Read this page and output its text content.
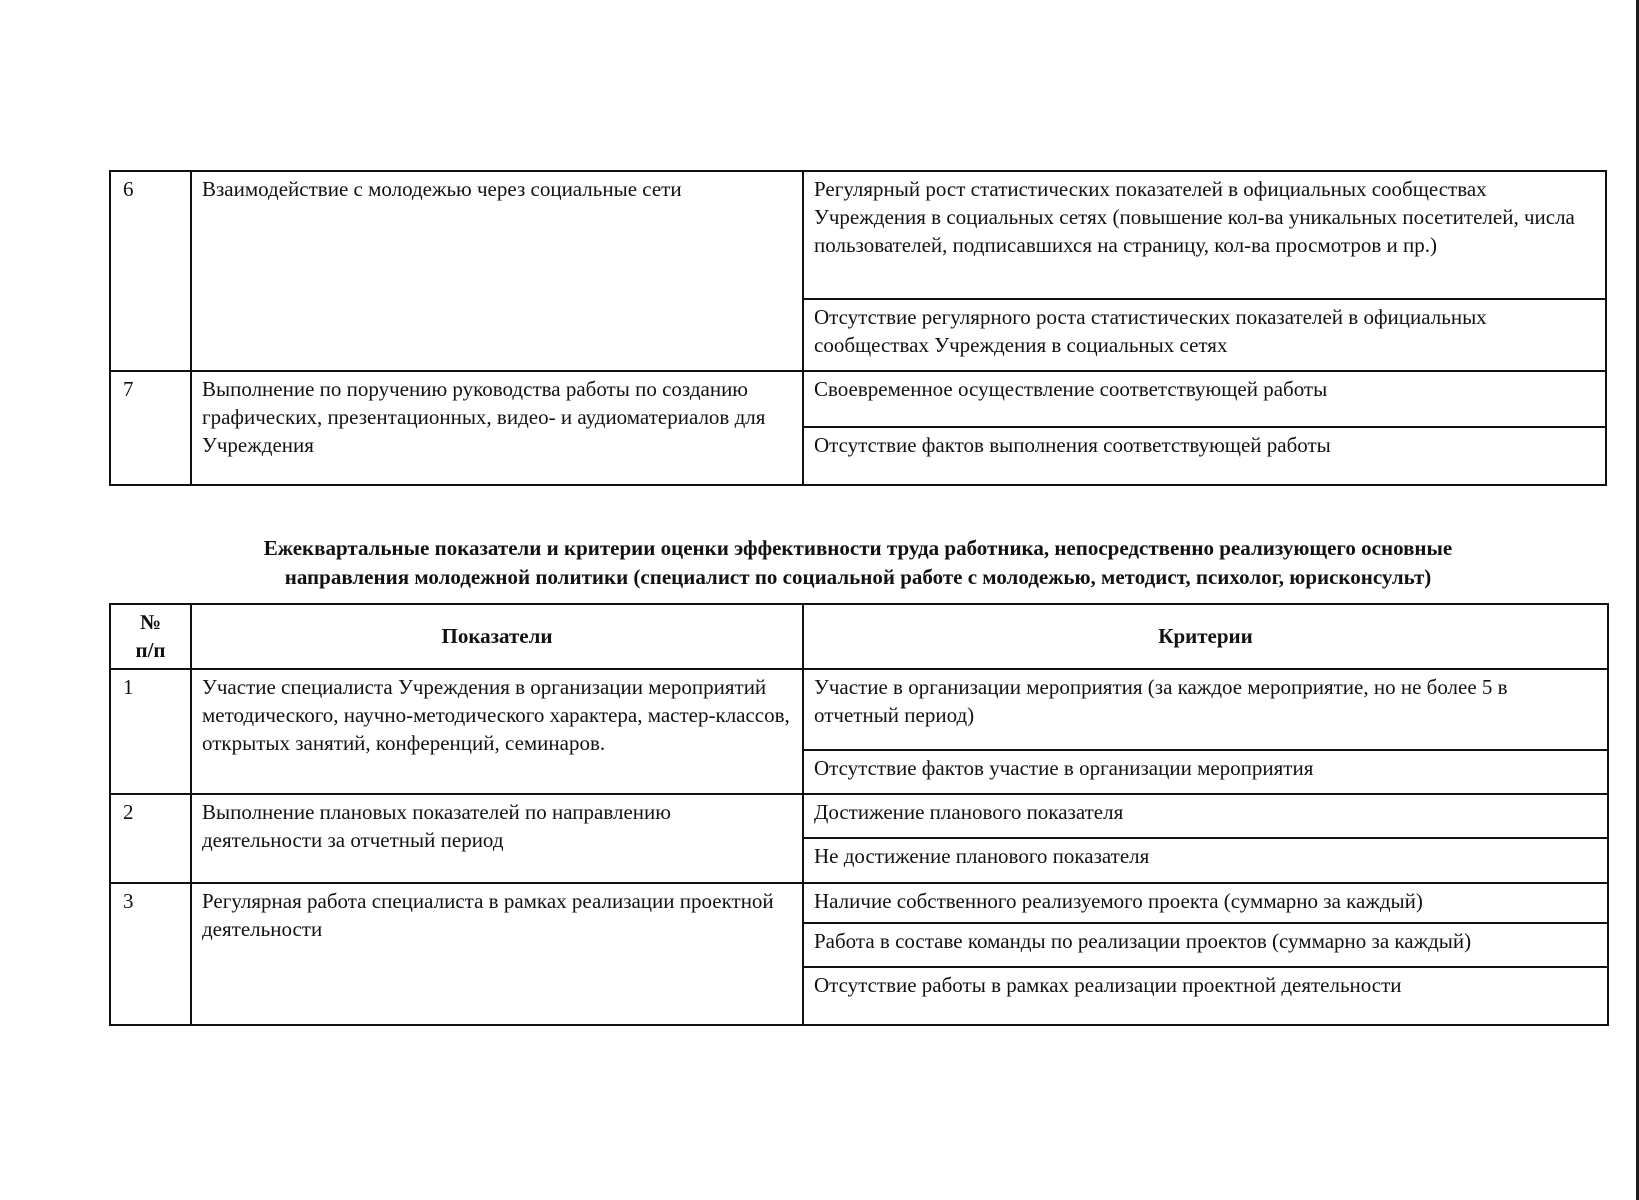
6	Взаимодействие с молодежью через социальные сети	Регулярный рост статистических показателей в официальных сообществах Учреждения в социальных сетях (повышение кол-ва уникальных посетителей, числа пользователей, подписавшихся на страницу, кол-ва просмотров и пр.)
		Отсутствие регулярного роста статистических показателей в официальных сообществах Учреждения в социальных сетях
7	Выполнение по поручению руководства работы по созданию графических, презентационных, видео- и аудиоматериалов для Учреждения	Своевременное осуществление соответствующей работы
		Отсутствие фактов выполнения соответствующей работы
Ежеквартальные показатели и критерии оценки эффективности труда работника, непосредственно реализующего основные
направления молодежной политики (специалист по социальной работе с молодежью, методист, психолог, юрисконсульт)
№
п/п	Показатели	Критерии
1	Участие специалиста Учреждения в организации мероприятий методического, научно-методического характера, мастер-классов, открытых занятий, конференций, семинаров.	Участие в организации мероприятия (за каждое мероприятие, но не более 5 в отчетный период)
		Отсутствие фактов участие в организации мероприятия
2	Выполнение плановых показателей по направлению деятельности за отчетный период	Достижение планового показателя
		Не достижение планового показателя
3	Регулярная работа специалиста в рамках реализации проектной деятельности	Наличие собственного реализуемого проекта (суммарно за каждый)
		Работа в составе команды по реализации проектов (суммарно за каждый)
		Отсутствие работы в рамках реализации проектной деятельности
